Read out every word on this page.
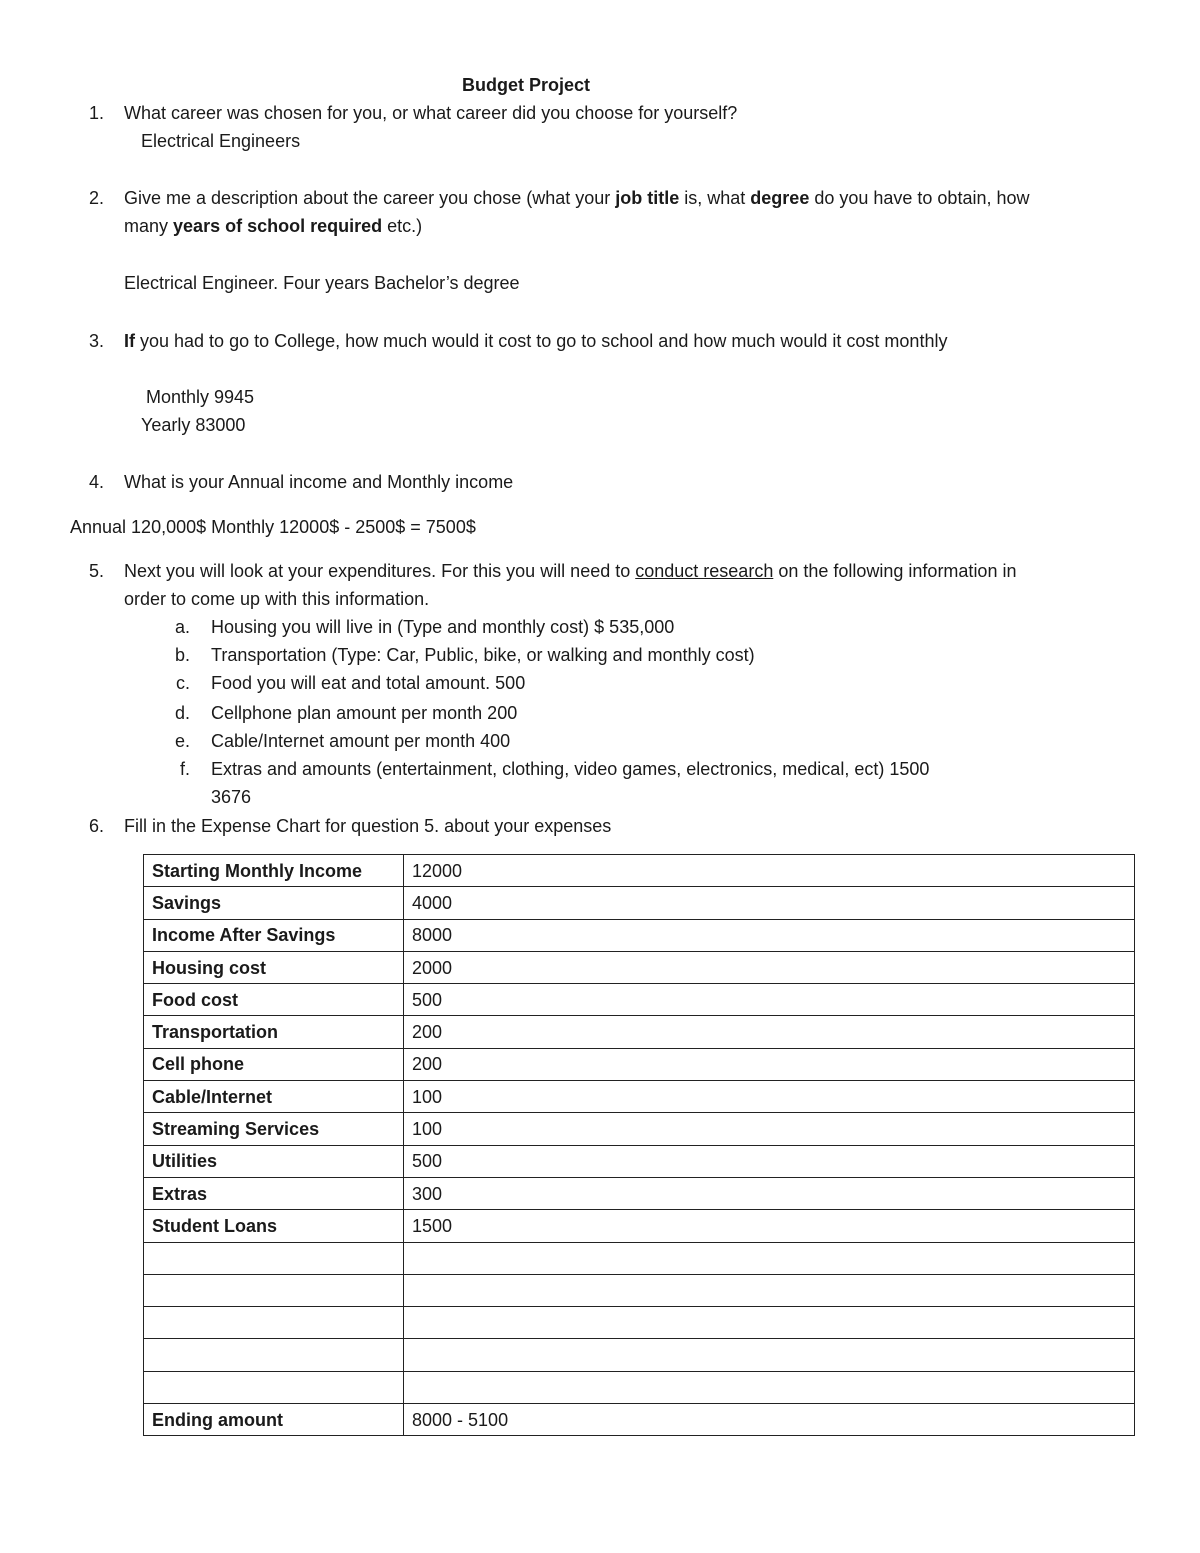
Budget Project
1. What career was chosen for you, or what career did you choose for yourself?
Electrical Engineers
2. Give me a description about the career you chose (what your job title is, what degree do you have to obtain, how
many years of school required etc.)
Electrical Engineer. Four years Bachelor’s degree
3. If you had to go to College, how much would it cost to go to school and how much would it cost monthly
Monthly 9945
Yearly 83000
4. What is your Annual income and Monthly income
Annual 120,000$ Monthly 12000$ - 2500$ = 7500$
5. Next you will look at your expenditures. For this you will need to conduct research on the following information in
order to come up with this information.
a. Housing you will live in (Type and monthly cost) $ 535,000
b. Transportation (Type: Car, Public, bike, or walking and monthly cost)
c. Food you will eat and total amount. 500
d. Cellphone plan amount per month 200
e. Cable/Internet amount per month 400
f. Extras and amounts (entertainment, clothing, video games, electronics, medical, ect) 1500
3676
6. Fill in the Expense Chart for question 5. about your expenses
Starting Monthly Income	12000
Savings	4000
Income After Savings	8000
Housing cost	2000
Food cost	500
Transportation	200
Cell phone	200
Cable/Internet	100
Streaming Services	100
Utilities	500
Extras	300
Student Loans	1500

Ending amount	8000 - 5100
